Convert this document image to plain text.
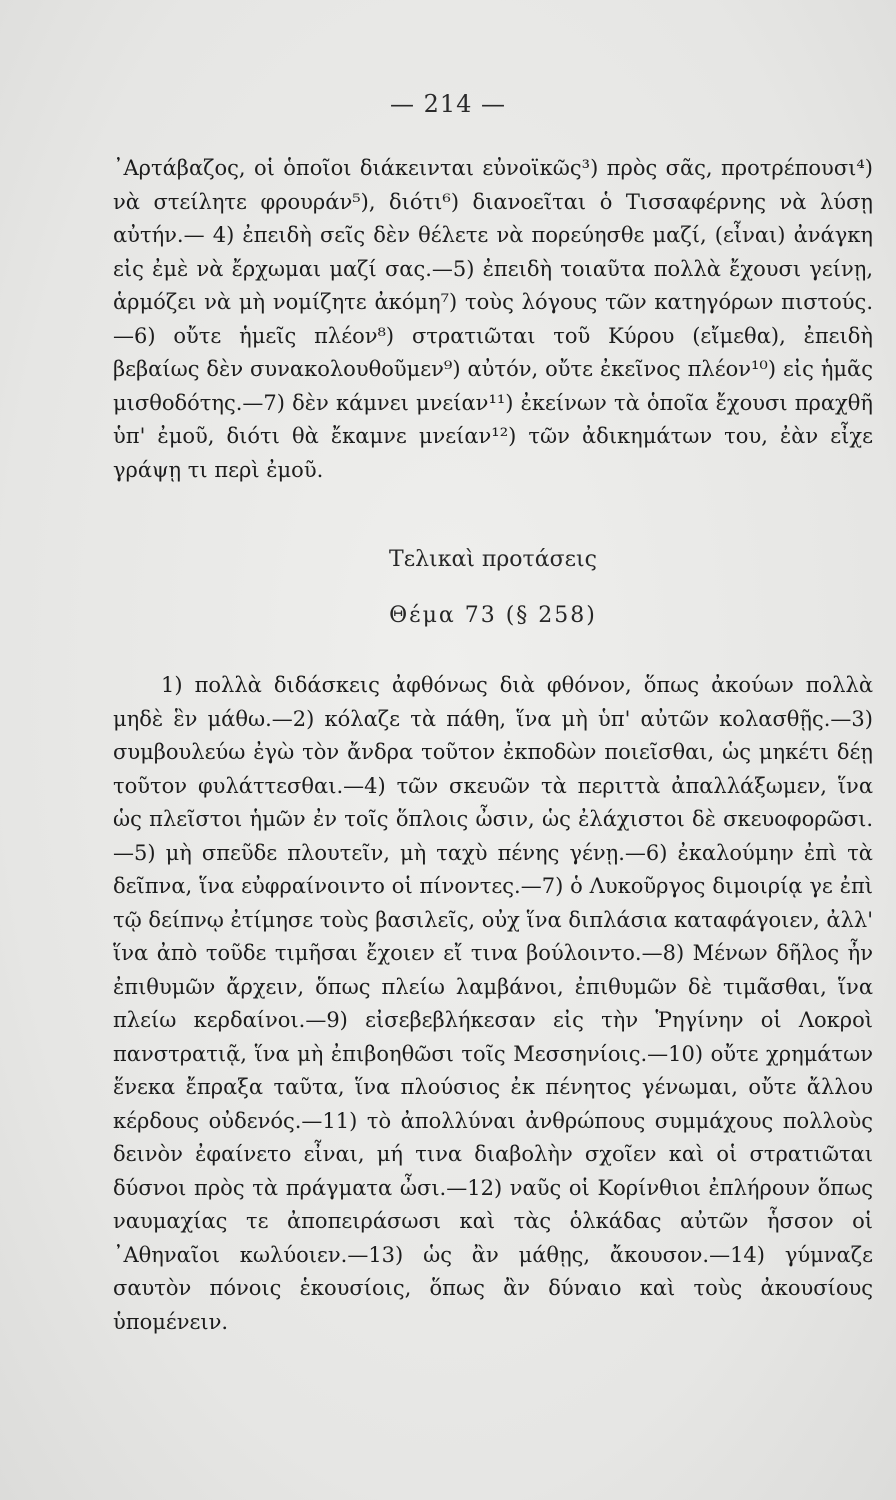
— 214 —

᾿Αρτάβαζος, οἱ ὁποῖοι διάκεινται εὐνοϊκῶς³) πρὸς σᾶς, προτρέπουσι⁴) νὰ στείλητε φρουράν⁵), διότι⁶) διανοεῖται ὁ Τισσαφέρνης νὰ λύσῃ αὐτήν.— 4) ἐπειδὴ σεῖς δὲν θέλετε νὰ πορεύησθε μαζί, (εἶναι) ἀνάγκη εἰς ἐμὲ νὰ ἔρχωμαι μαζί σας.—5) ἐπειδὴ τοιαῦτα πολλὰ ἔχουσι γείνῃ, ἁρμόζει νὰ μὴ νομίζητε ἀκόμη⁷) τοὺς λόγους τῶν κατηγόρων πιστούς.—6) οὔτε ἡμεῖς πλέον⁸) στρατιῶται τοῦ Κύρου (εἴμεθα), ἐπειδὴ βεβαίως δὲν συνακολουθοῦμεν⁹) αὐτόν, οὔτε ἐκεῖνος πλέον¹⁰) εἰς ἡμᾶς μισθοδότης.—7) δὲν κάμνει μνείαν¹¹) ἐκείνων τὰ ὁποῖα ἔχουσι πραχθῆ ὑπ' ἐμοῦ, διότι θὰ ἔκαμνε μνείαν¹²) τῶν ἀδικημάτων του, ἐὰν εἶχε γράψῃ τι περὶ ἐμοῦ.

Τελικαὶ προτάσεις
Θέμα 73 (§ 258)

1) πολλὰ διδάσκεις ἀφθόνως διὰ φθόνον, ὅπως ἀκούων πολλὰ μηδὲ ἓν μάθω.—2) κόλαζε τὰ πάθη, ἵνα μὴ ὑπ' αὐτῶν κολασθῇς.—3) συμβουλεύω ἐγὼ τὸν ἄνδρα τοῦτον ἐκποδὼν ποιεῖσθαι, ὡς μηκέτι δέῃ τοῦτον φυλάττεσθαι.—4) τῶν σκευῶν τὰ περιττὰ ἀπαλλάξωμεν, ἵνα ὡς πλεῖστοι ἡμῶν ἐν τοῖς ὅπλοις ὦσιν, ὡς ἐλάχιστοι δὲ σκευοφορῶσι.—5) μὴ σπεῦδε πλουτεῖν, μὴ ταχὺ πένης γένῃ.—6) ἐκαλούμην ἐπὶ τὰ δεῖπνα, ἵνα εὐφραίνοιντο οἱ πίνοντες.—7) ὁ Λυκοῦργος διμοιρίᾳ γε ἐπὶ τῷ δείπνῳ ἐτίμησε τοὺς βασιλεῖς, οὐχ ἵνα διπλάσια καταφάγοιεν, ἀλλ' ἵνα ἀπὸ τοῦδε τιμῆσαι ἔχοιεν εἴ τινα βούλοιντο.—8) Μένων δῆλος ἦν ἐπιθυμῶν ἄρχειν, ὅπως πλείω λαμβάνοι, ἐπιθυμῶν δὲ τιμᾶσθαι, ἵνα πλείω κερδαίνοι.—9) εἰσεβεβλήκεσαν εἰς τὴν Ῥηγίνην οἱ Λοκροὶ πανστρατιᾷ, ἵνα μὴ ἐπιβοηθῶσι τοῖς Μεσσηνίοις.—10) οὔτε χρημάτων ἕνεκα ἔπραξα ταῦτα, ἵνα πλούσιος ἐκ πένητος γένωμαι, οὔτε ἄλλου κέρδους οὐδενός.—11) τὸ ἀπολλύναι ἀνθρώπους συμμάχους πολλοὺς δεινὸν ἐφαίνετο εἶναι, μή τινα διαβολὴν σχοῖεν καὶ οἱ στρατιῶται δύσνοι πρὸς τὰ πράγματα ὦσι.—12) ναῦς οἱ Κορίνθιοι ἐπλήρουν ὅπως ναυμαχίας τε ἀποπειράσωσι καὶ τὰς ὁλκάδας αὐτῶν ἧσσον οἱ ᾿Αθηναῖοι κωλύοιεν.—13) ὡς ἂν μάθῃς, ἄκουσον.—14) γύμναζε σαυτὸν πόνοις ἑκουσίοις, ὅπως ἂν δύναιο καὶ τοὺς ἀκουσίους ὑπομένειν.
